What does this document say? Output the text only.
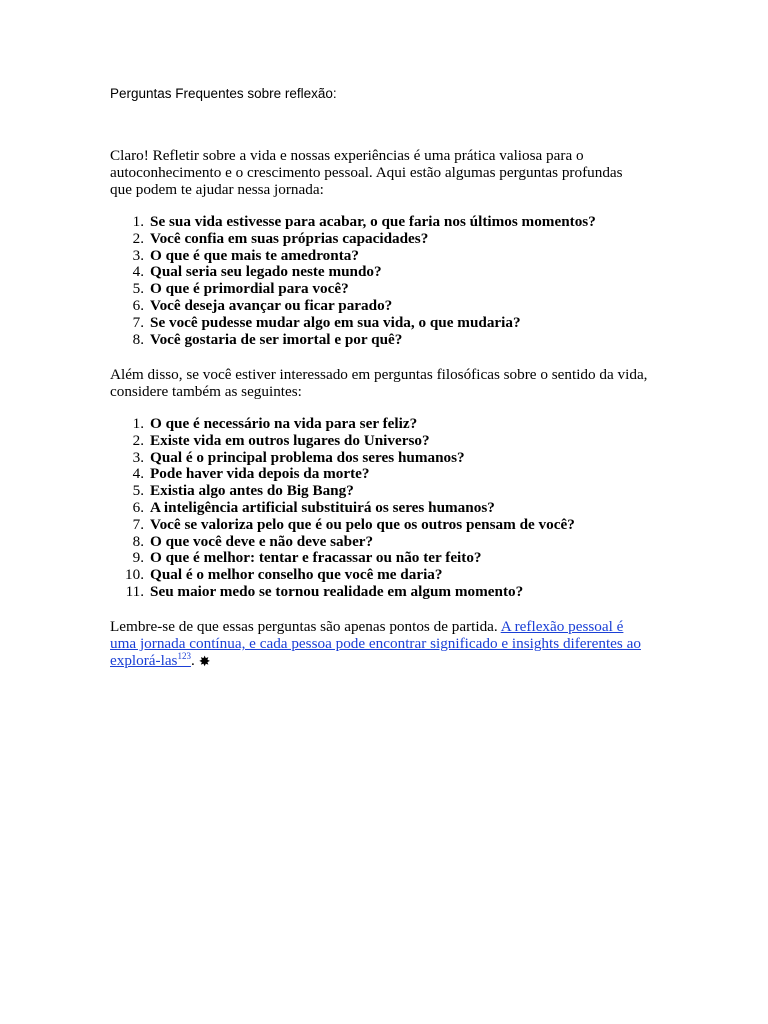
Perguntas Frequentes sobre reflexão:
Claro! Refletir sobre a vida e nossas experiências é uma prática valiosa para o
autoconhecimento e o crescimento pessoal. Aqui estão algumas perguntas profundas
que podem te ajudar nessa jornada:
1. Se sua vida estivesse para acabar, o que faria nos últimos momentos?
2. Você confia em suas próprias capacidades?
3. O que é que mais te amedronta?
4. Qual seria seu legado neste mundo?
5. O que é primordial para você?
6. Você deseja avançar ou ficar parado?
7. Se você pudesse mudar algo em sua vida, o que mudaria?
8. Você gostaria de ser imortal e por quê?
Além disso, se você estiver interessado em perguntas filosóficas sobre o sentido da vida,
considere também as seguintes:
1. O que é necessário na vida para ser feliz?
2. Existe vida em outros lugares do Universo?
3. Qual é o principal problema dos seres humanos?
4. Pode haver vida depois da morte?
5. Existia algo antes do Big Bang?
6. A inteligência artificial substituirá os seres humanos?
7. Você se valoriza pelo que é ou pelo que os outros pensam de você?
8. O que você deve e não deve saber?
9. O que é melhor: tentar e fracassar ou não ter feito?
10. Qual é o melhor conselho que você me daria?
11. Seu maior medo se tornou realidade em algum momento?
Lembre-se de que essas perguntas são apenas pontos de partida. A reflexão pessoal é
uma jornada contínua, e cada pessoa pode encontrar significado e insights diferentes ao
explorá-las$^{123}$. ✸
